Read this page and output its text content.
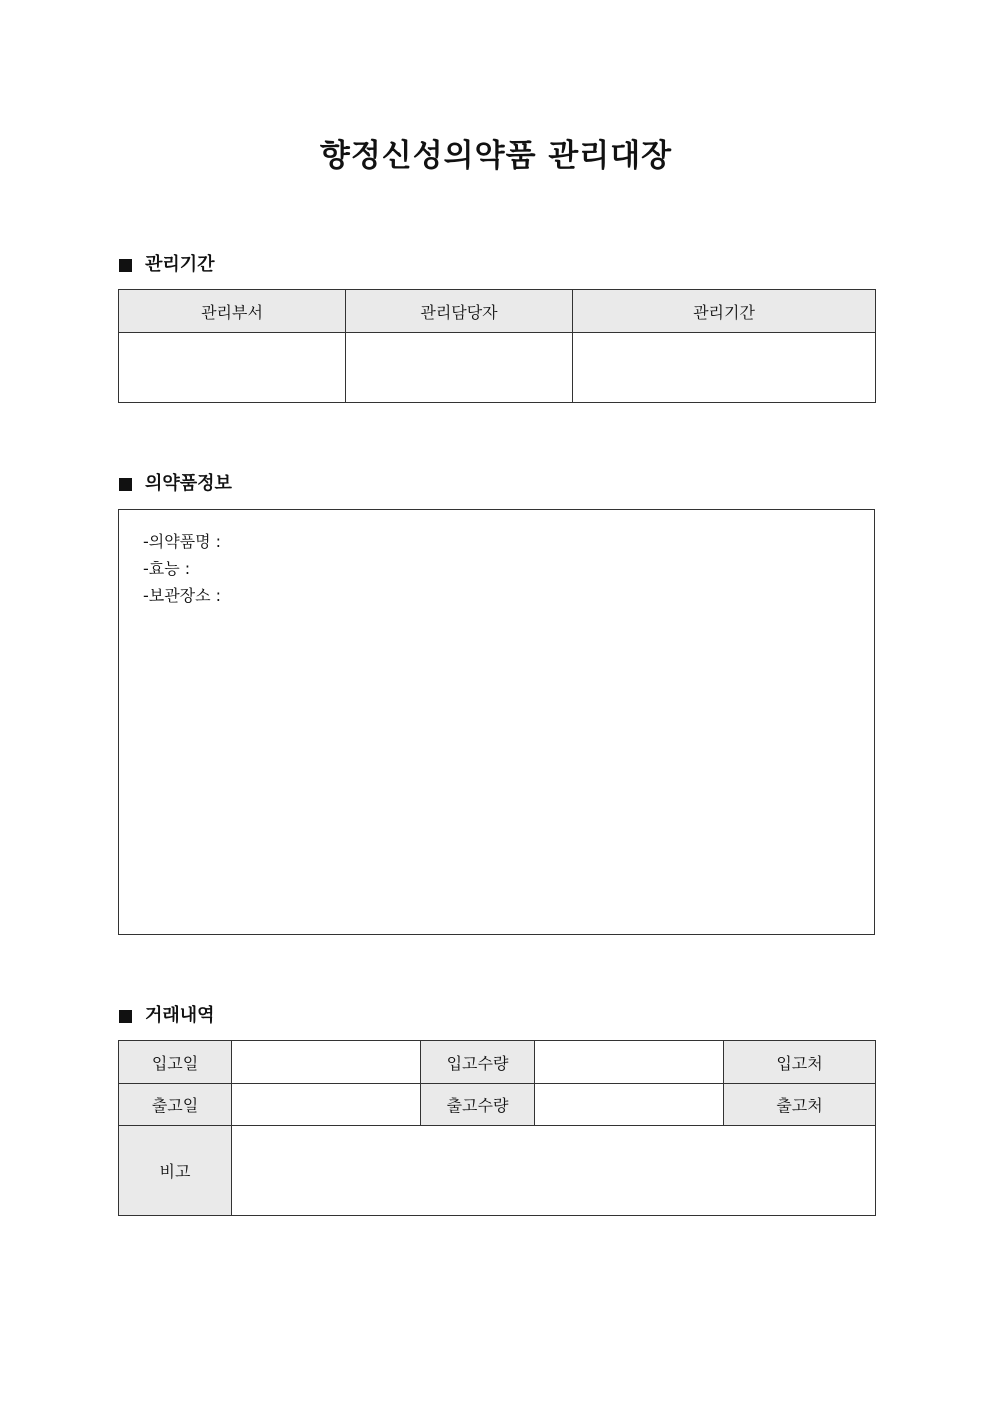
향정신성의약품 관리대장
관리기간
관리부서	관리담당자	관리기간

의약품정보
-의약품명 :
-효능 :
-보관장소 :
거래내역
입고일		입고수량		입고처
출고일		출고수량		출고처
비고				
